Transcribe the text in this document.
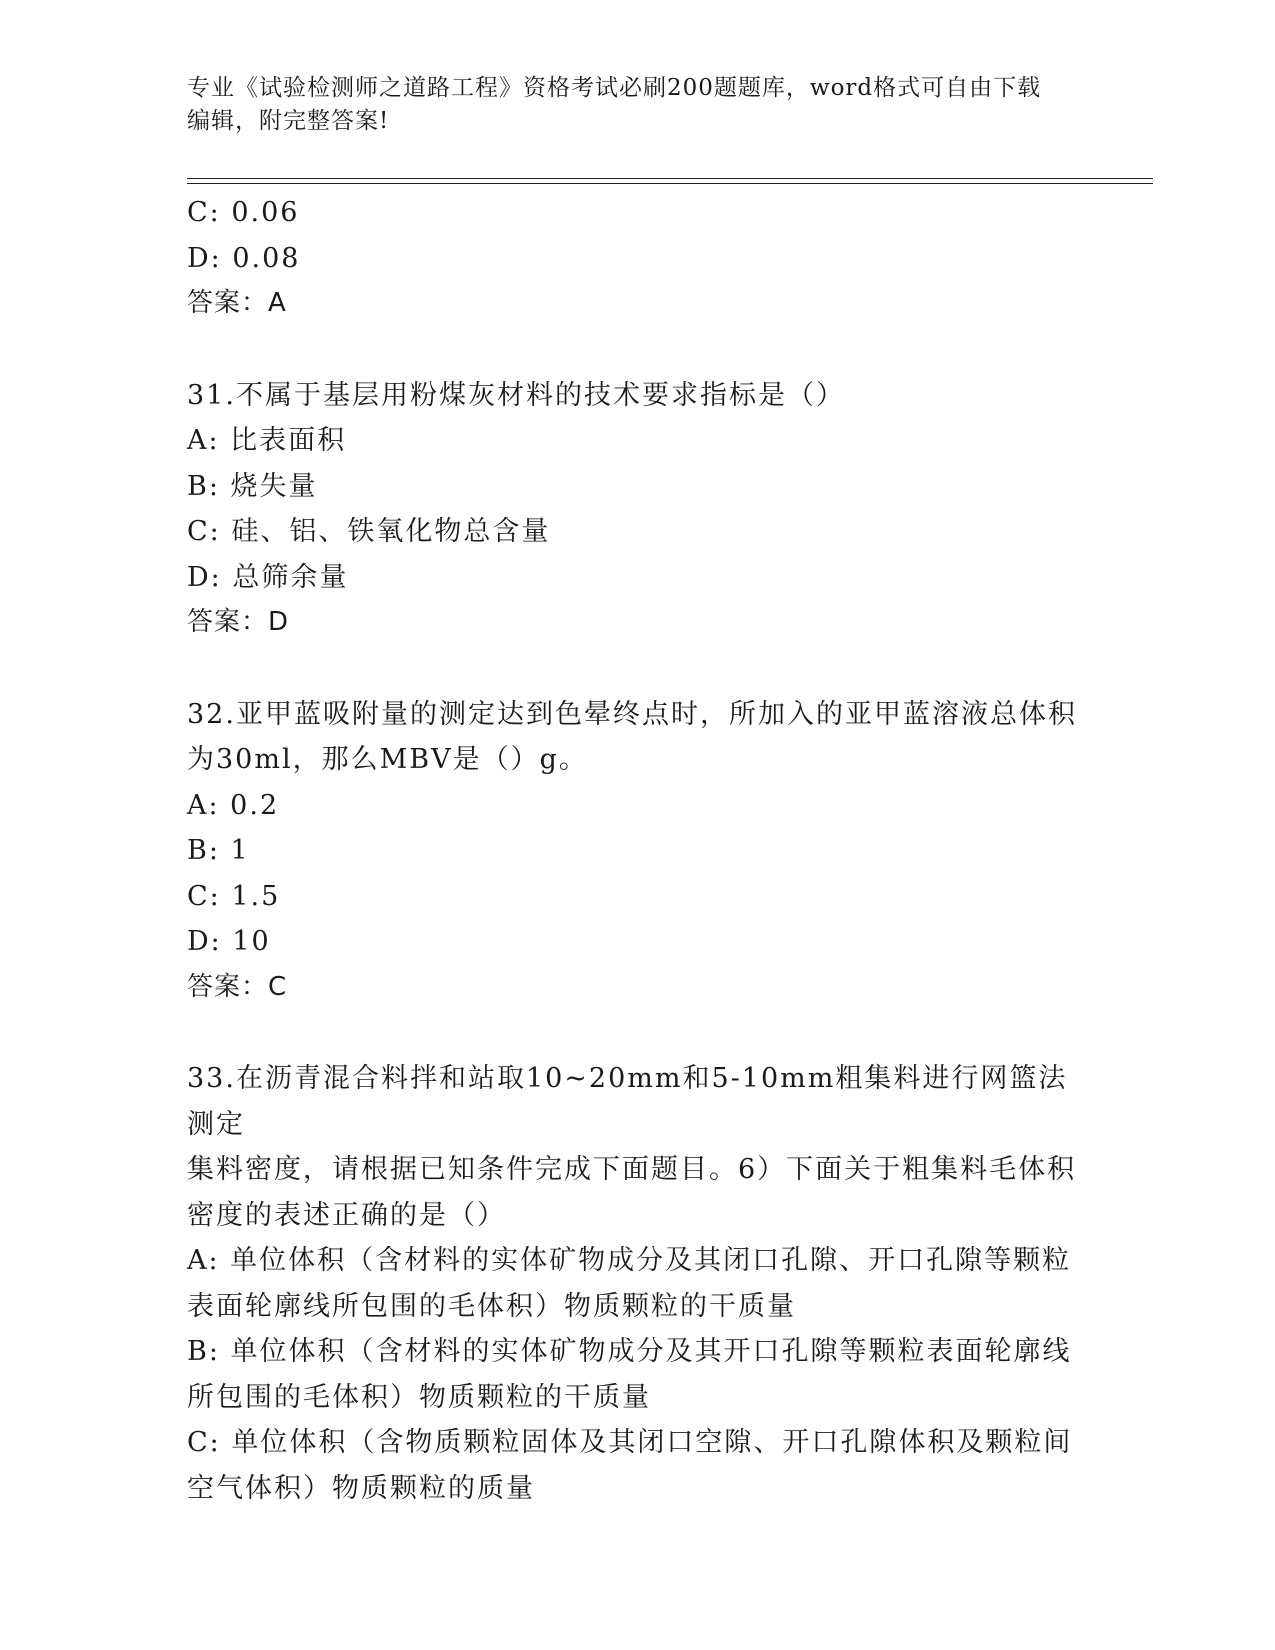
专业《试验检测师之道路工程》资格考试必刷200题题库，word格式可自由下载
编辑，附完整答案!
C: 0.06
D: 0.08
答案：A
31.不属于基层用粉煤灰材料的技术要求指标是（）
A: 比表面积
B: 烧失量
C: 硅、铝、铁氧化物总含量
D: 总筛余量
答案：D
32.亚甲蓝吸附量的测定达到色晕终点时，所加入的亚甲蓝溶液总体积
为30ml，那么MBV是（）g。
A: 0.2
B: 1
C: 1.5
D: 10
答案：C
33.在沥青混合料拌和站取10~20mm和5-10mm粗集料进行网篮法测定
集料密度，请根据已知条件完成下面题目。6）下面关于粗集料毛体积
密度的表述正确的是（）
A: 单位体积（含材料的实体矿物成分及其闭口孔隙、开口孔隙等颗粒
表面轮廓线所包围的毛体积）物质颗粒的干质量
B: 单位体积（含材料的实体矿物成分及其开口孔隙等颗粒表面轮廓线
所包围的毛体积）物质颗粒的干质量
C: 单位体积（含物质颗粒固体及其闭口空隙、开口孔隙体积及颗粒间
空气体积）物质颗粒的质量
